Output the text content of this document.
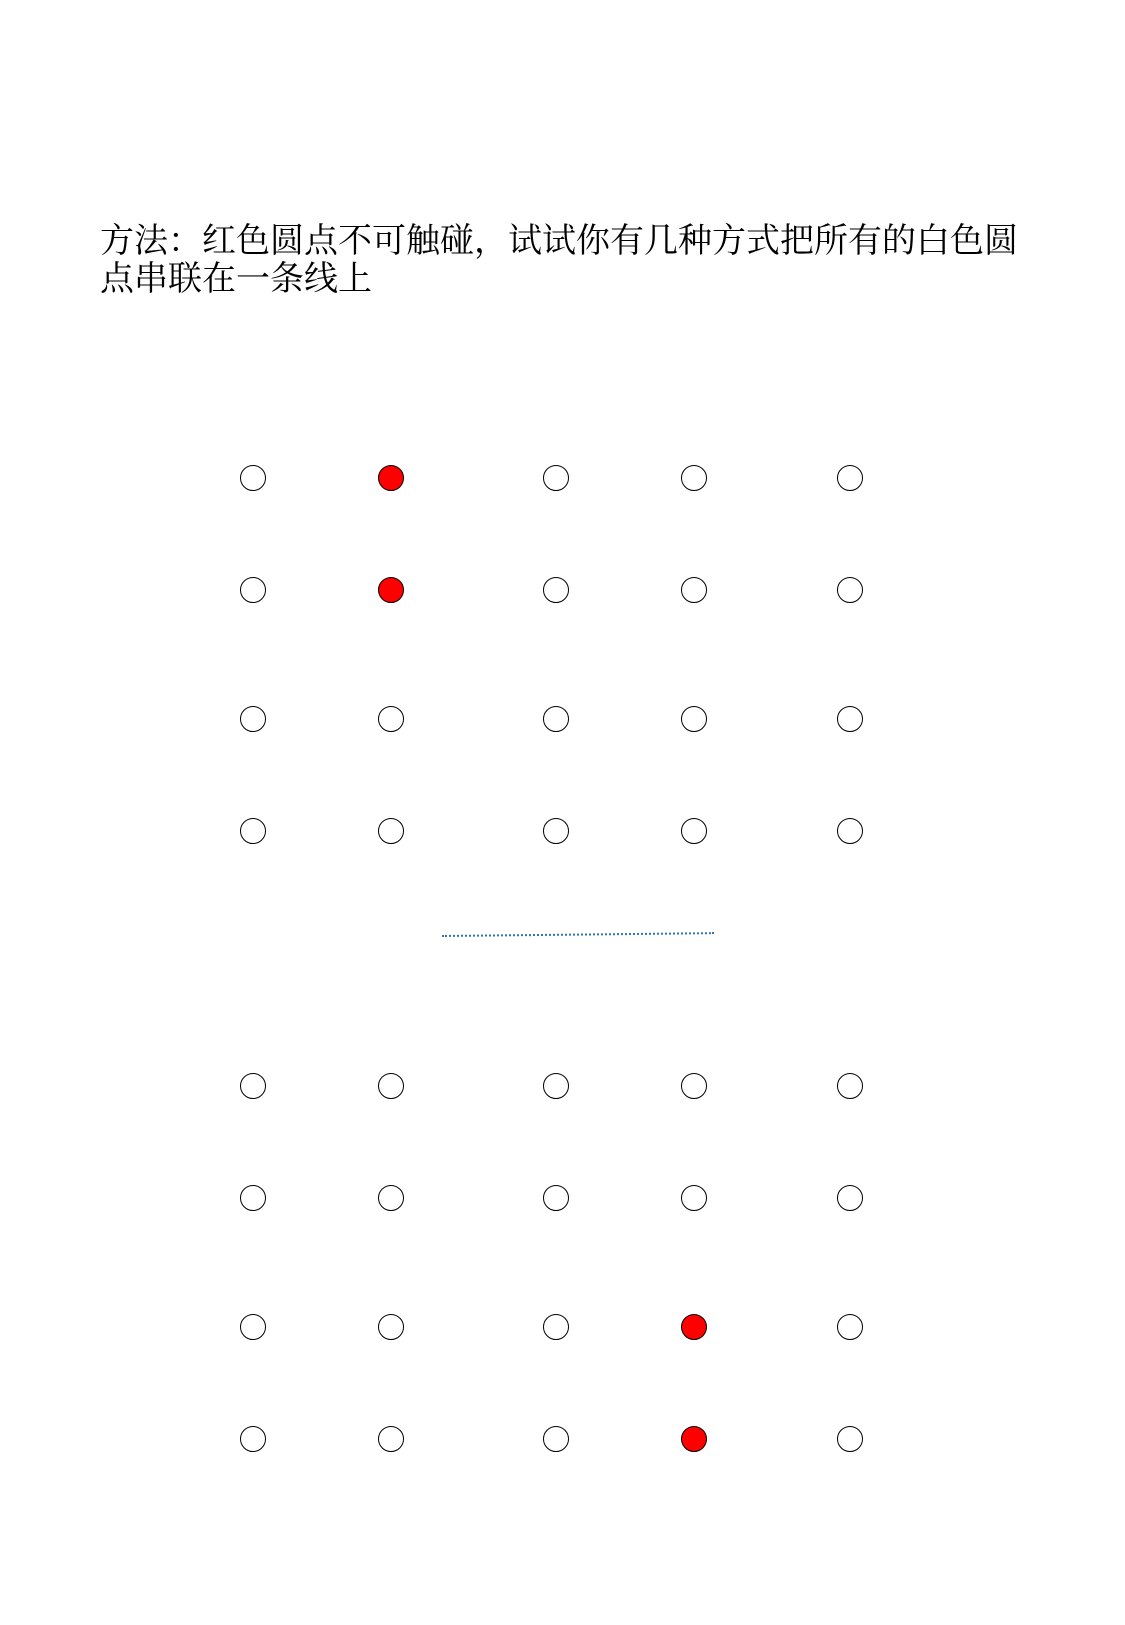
方法：红色圆点不可触碰，试试你有几种方式把所有的白色圆点串联在一条线上
